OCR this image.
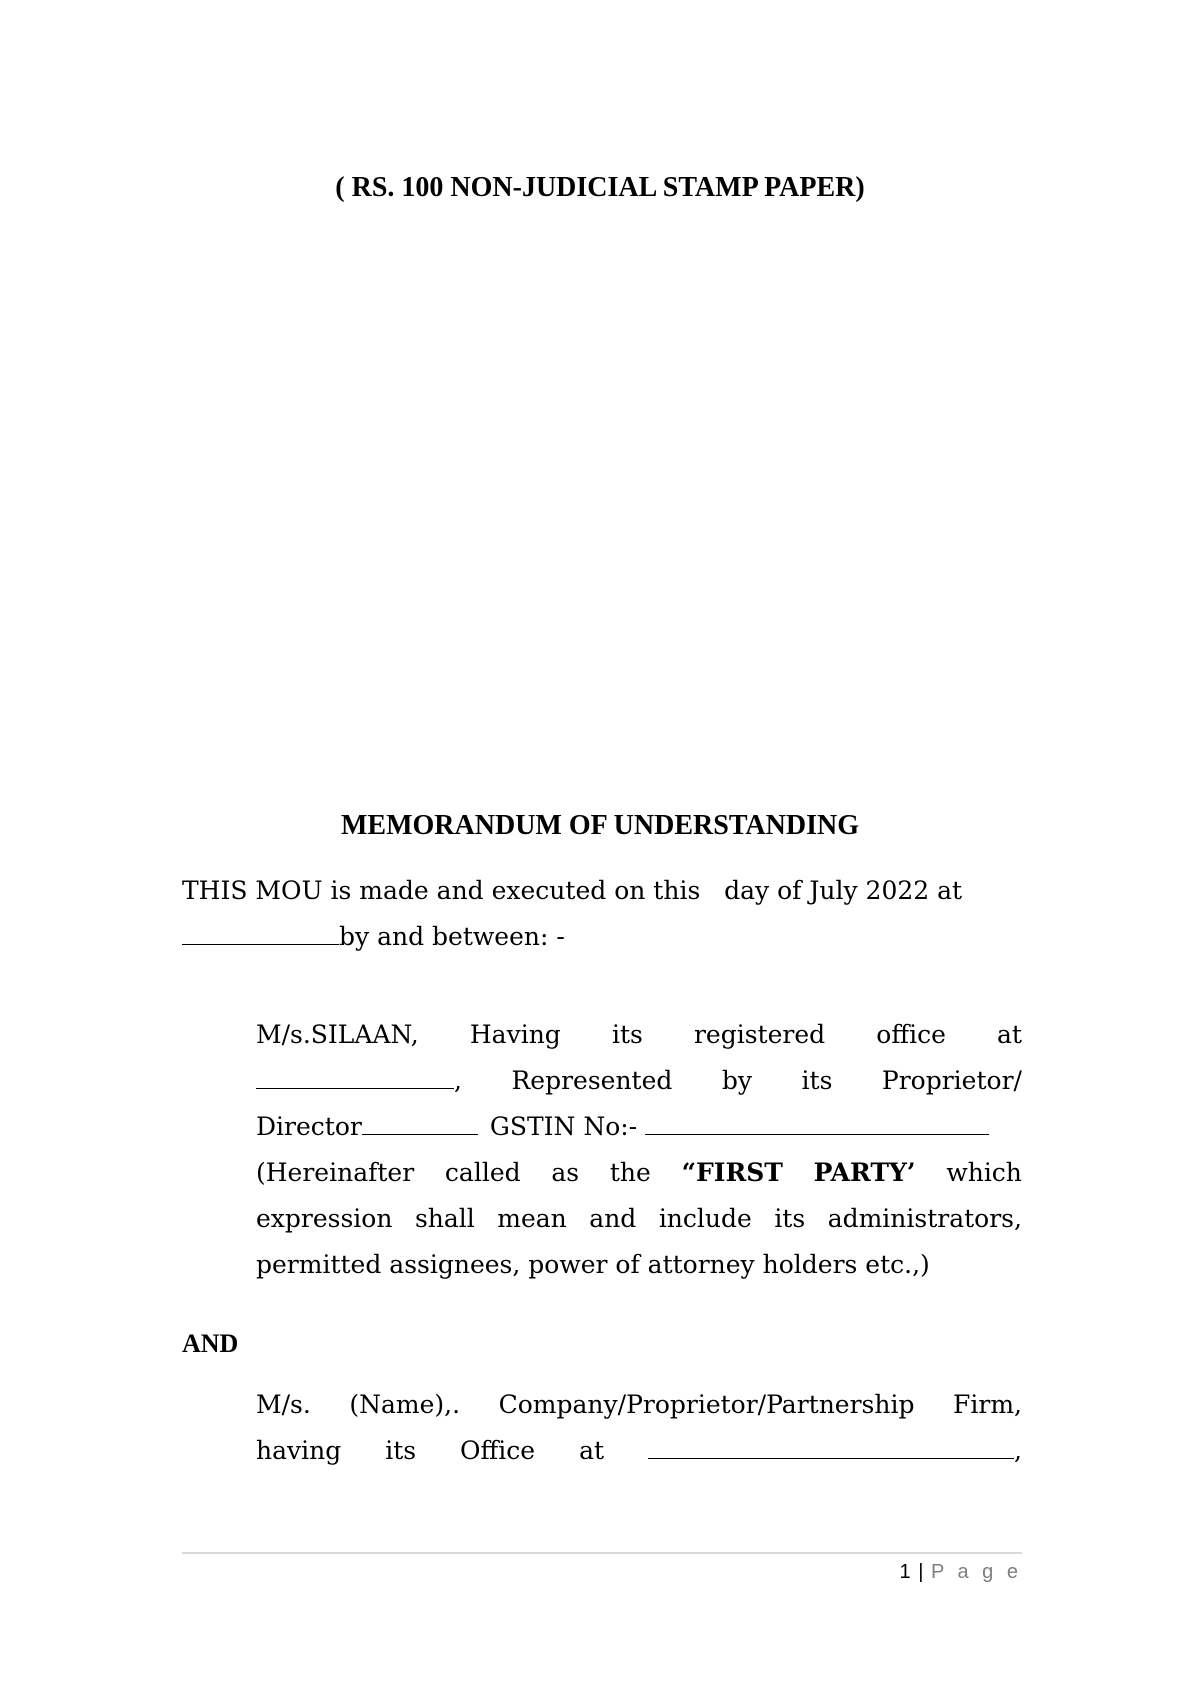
( RS. 100 NON-JUDICIAL STAMP PAPER)

MEMORANDUM OF UNDERSTANDING

THIS MOU is made and executed on this   day of July 2022 at
by and between: -
M/s.SILAAN, Having its registered office at
, Represented by its Proprietor/
Director	GSTIN No:-
(Hereinafter called as the “FIRST PARTY’ which
expression shall mean and include its administrators,
permitted assignees, power of attorney holders etc.,)

AND

M/s. (Name),. Company/Proprietor/Partnership Firm,
having its Office at	,
1 | P a g e
